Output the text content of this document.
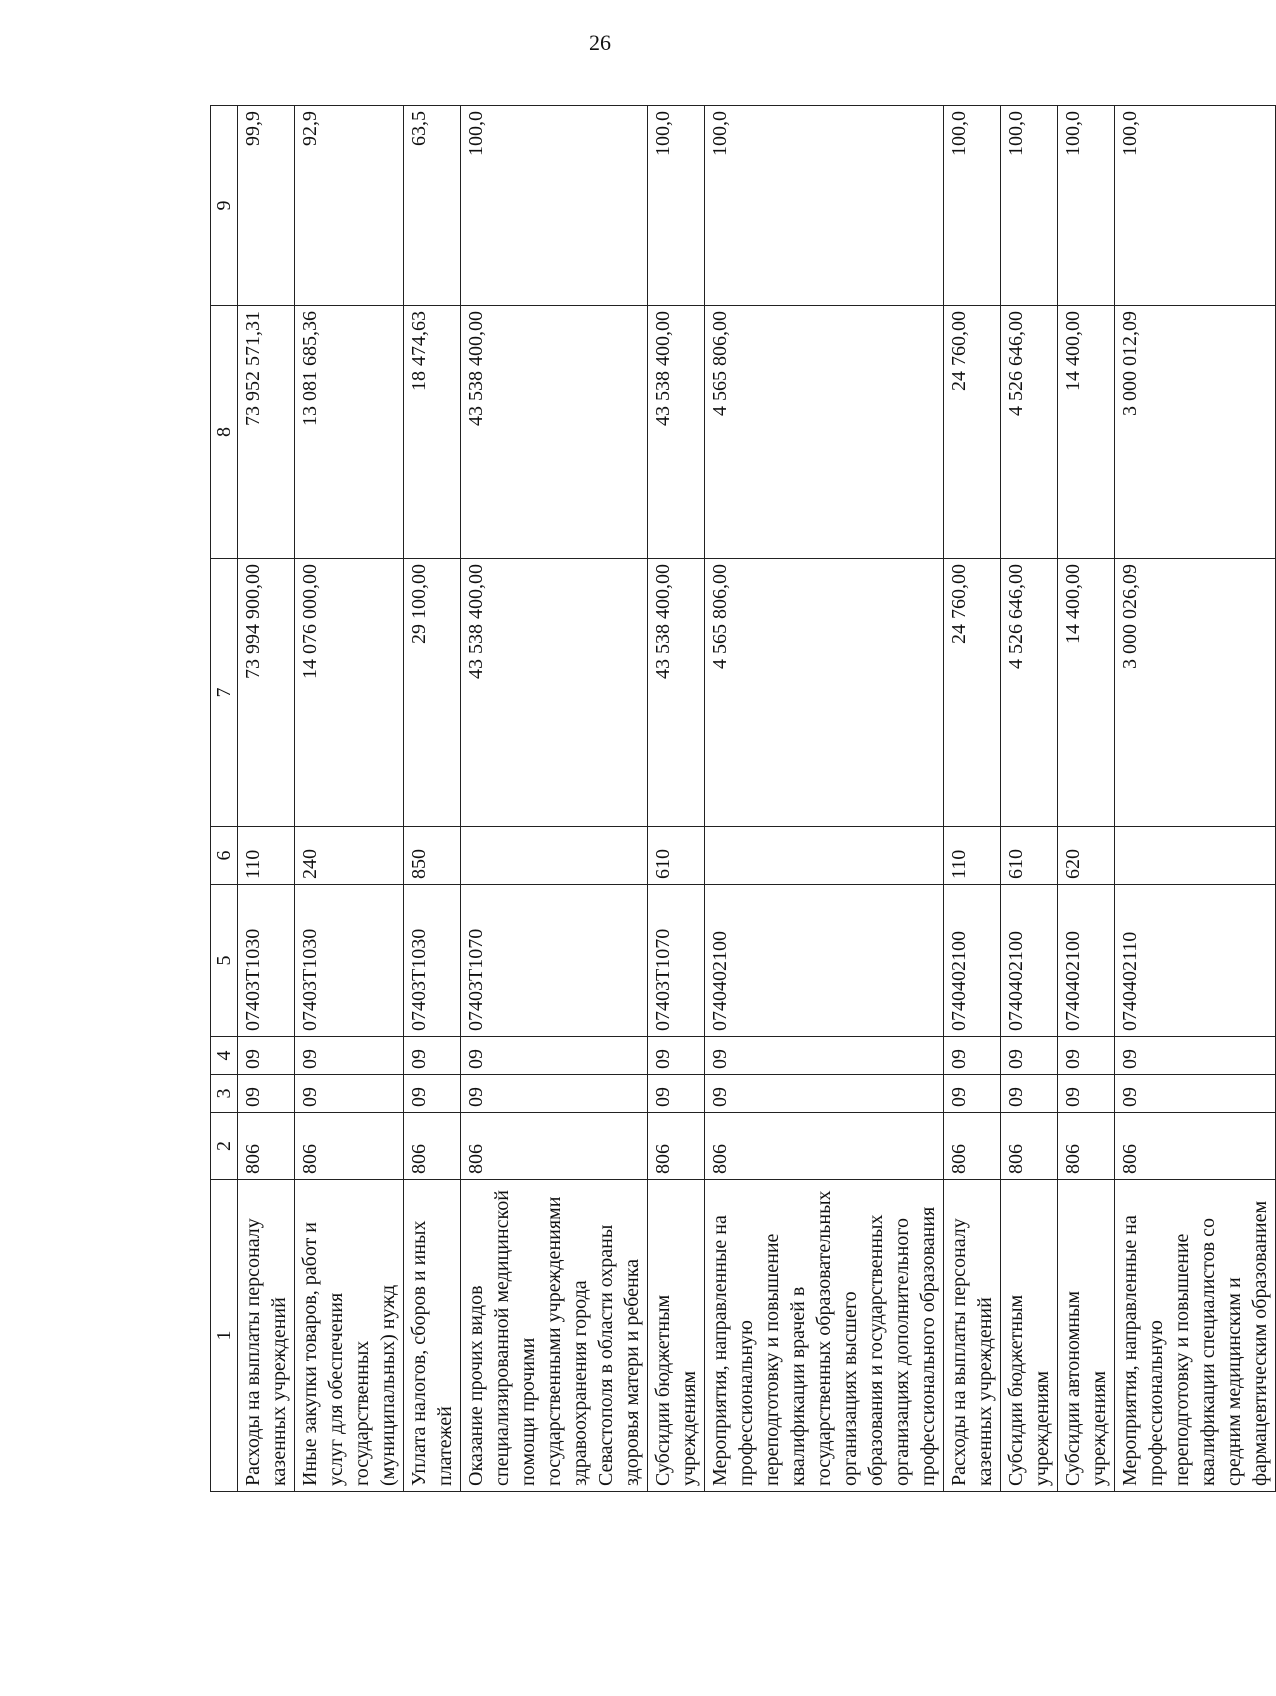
26
1	2	3	4	5	6	7	8	9
Расходы на выплаты персоналу казенных учреждений	806	09	09	07403Т1030	110	73 994 900,00	73 952 571,31	99,9
Иные закупки товаров, работ и услуг для обеспечения государственных (муниципальных) нужд	806	09	09	07403Т1030	240	14 076 000,00	13 081 685,36	92,9
Уплата налогов, сборов и иных платежей	806	09	09	07403Т1030	850	29 100,00	18 474,63	63,5
Оказание прочих видов специализированной медицинской помощи прочими государственными учреждениями здравоохранения города Севастополя в области охраны здоровья матери и ребенка	806	09	09	07403Т1070		43 538 400,00	43 538 400,00	100,0
Субсидии бюджетным учреждениям	806	09	09	07403Т1070	610	43 538 400,00	43 538 400,00	100,0
Мероприятия, направленные на профессиональную переподготовку и повышение квалификации врачей в государственных образовательных организациях высшего образования и государственных организациях дополнительного профессионального образования	806	09	09	0740402100		4 565 806,00	4 565 806,00	100,0
Расходы на выплаты персоналу казенных учреждений	806	09	09	0740402100	110	24 760,00	24 760,00	100,0
Субсидии бюджетным учреждениям	806	09	09	0740402100	610	4 526 646,00	4 526 646,00	100,0
Субсидии автономным учреждениям	806	09	09	0740402100	620	14 400,00	14 400,00	100,0
Мероприятия, направленные на профессиональную переподготовку и повышение квалификации специалистов со средним медицинским и фармацевтическим образованием	806	09	09	0740402110		3 000 026,09	3 000 012,09	100,0
